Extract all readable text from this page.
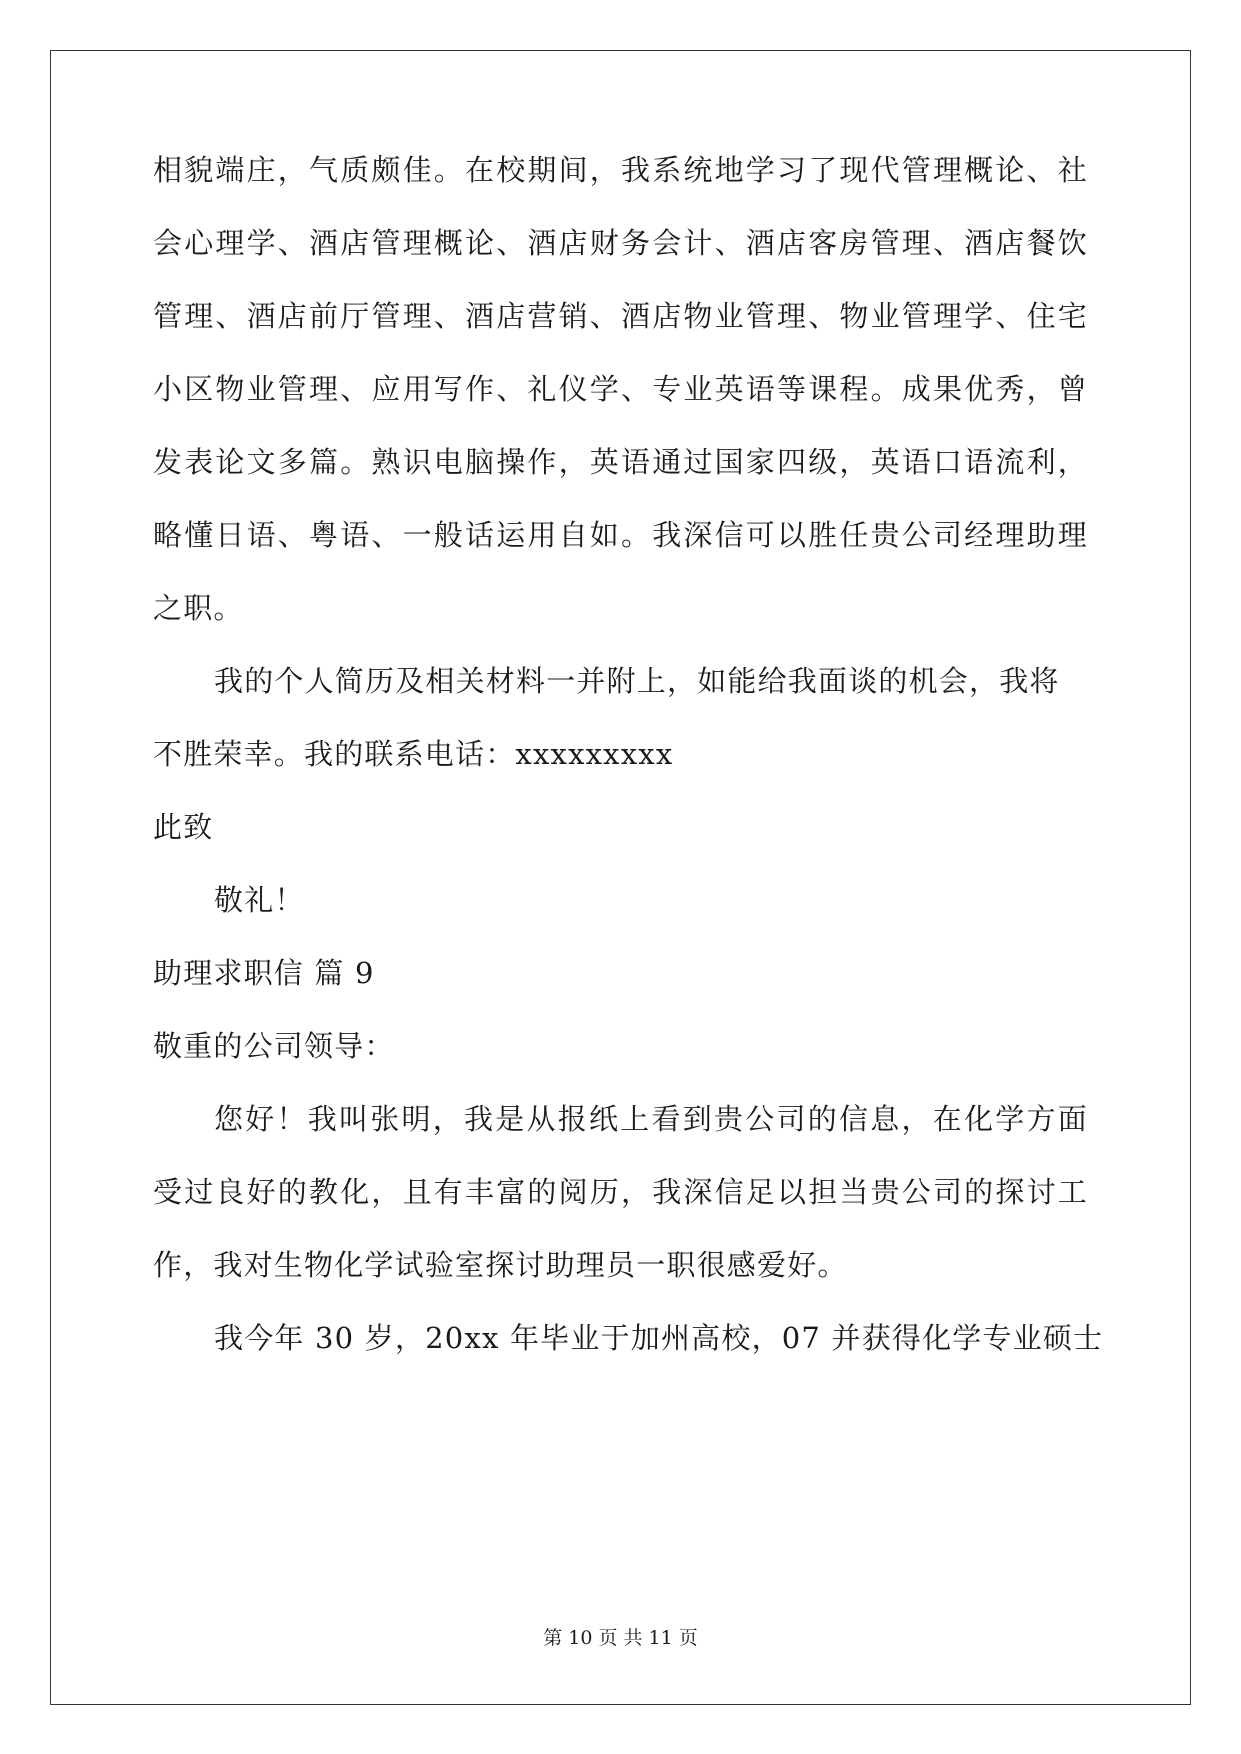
相貌端庄，气质颇佳。在校期间，我系统地学习了现代管理概论、社
会心理学、酒店管理概论、酒店财务会计、酒店客房管理、酒店餐饮
管理、酒店前厅管理、酒店营销、酒店物业管理、物业管理学、住宅
小区物业管理、应用写作、礼仪学、专业英语等课程。成果优秀，曾
发表论文多篇。熟识电脑操作，英语通过国家四级，英语口语流利，
略懂日语、粤语、一般话运用自如。我深信可以胜任贵公司经理助理
之职。
我的个人简历及相关材料一并附上，如能给我面谈的机会，我将
不胜荣幸。我的联系电话：xxxxxxxxx
此致
敬礼！
助理求职信 篇 9
敬重的公司领导：
您好！我叫张明，我是从报纸上看到贵公司的信息，在化学方面
受过良好的教化，且有丰富的阅历，我深信足以担当贵公司的探讨工
作，我对生物化学试验室探讨助理员一职很感爱好。
我今年 30 岁，20xx 年毕业于加州高校，07 并获得化学专业硕士
第 10 页 共 11 页
